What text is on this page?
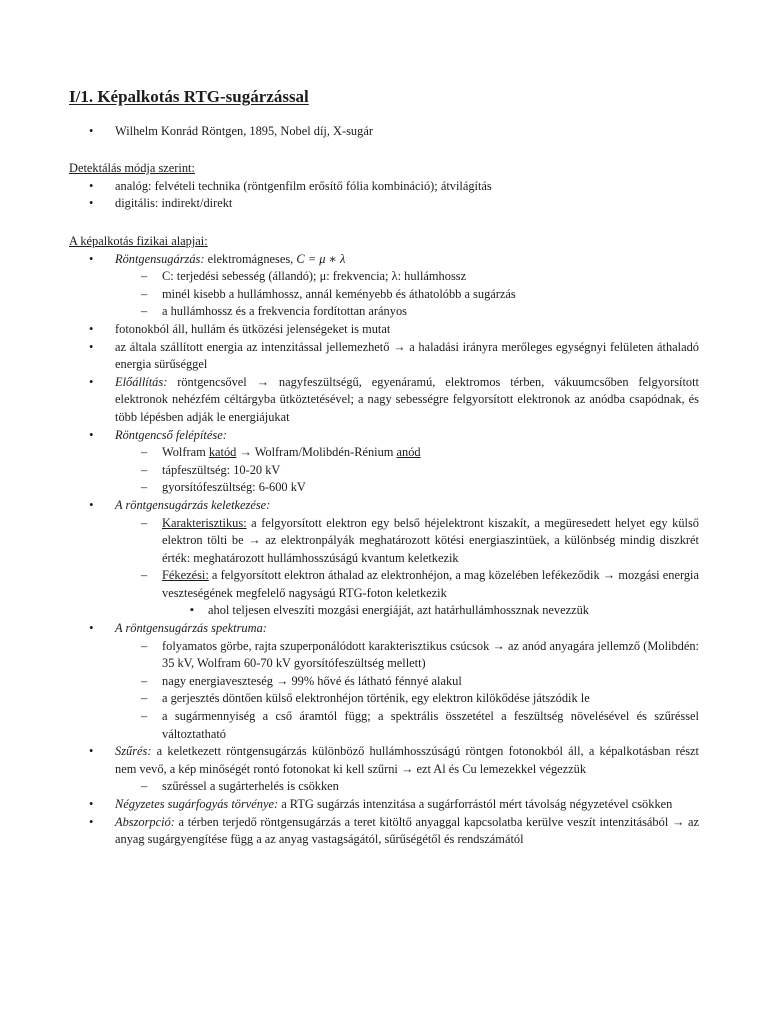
I/1. Képalkotás RTG-sugárzással
• Wilhelm Konrád Röntgen, 1895, Nobel díj, X-sugár
Detektálás módja szerint:
• analóg: felvételi technika (röntgenfilm erősítő fólia kombináció); átvilágítás
• digitális: indirekt/direkt
A képalkotás fizikai alapjai:
• Röntgensugárzás: elektromágneses, C = μ ∗ λ
– C: terjedési sebesség (állandó); μ: frekvencia; λ: hullámhossz
– minél kisebb a hullámhossz, annál keményebb és áthatolóbb a sugárzás
– a hullámhossz és a frekvencia fordítottan arányos
• fotonokból áll, hullám és ütközési jelenségeket is mutat
• az általa szállított energia az intenzitással jellemezhető → a haladási irányra merőleges egységnyi felületen áthaladó energia sürűséggel
• Előállítás: röntgencsővel → nagyfeszültségű, egyenáramú, elektromos térben, vákuumcsőben felgyorsított elektronok nehézfém céltárgyba ütköztetésével; a nagy sebességre felgyorsított elektronok az anódba csapódnak, és több lépésben adják le energiájukat
• Röntgencső felépítése:
– Wolfram katód → Wolfram/Molibdén-Rénium anód
– tápfeszültség: 10-20 kV
– gyorsítófeszültség: 6-600 kV
• A röntgensugárzás keletkezése:
– Karakterisztikus: a felgyorsított elektron egy belső héjelektront kiszakít, a megüresedett helyet egy külső elektron tölti be → az elektronpályák meghatározott kötési energiaszintüek, a különbség mindig diszkrét érték: meghatározott hullámhosszúságú kvantum keletkezik
– Fékezési: a felgyorsított elektron áthalad az elektronhéjon, a mag közelében lefékeződik → mozgási energia veszteségének megfelelő nagyságú RTG-foton keletkezik
▪ ahol teljesen elveszíti mozgási energiáját, azt határhullámhossznak nevezzük
• A röntgensugárzás spektruma:
– folyamatos görbe, rajta szuperponálódott karakterisztikus csúcsok → az anód anyagára jellemző (Molibdén: 35 kV, Wolfram 60-70 kV gyorsítófeszültség mellett)
– nagy energiaveszteség → 99% hővé és látható fénnyé alakul
– a gerjesztés döntően külső elektronhéjon történik, egy elektron kilökődése játszódik le
– a sugármennyiség a cső áramtól függ; a spektrális összetétel a feszültség növelésével és szűréssel változtatható
• Szűrés: a keletkezett röntgensugárzás különböző hullámhosszúságú röntgen fotonokból áll, a képalkotásban részt nem vevő, a kép minőségét rontó fotonokat ki kell szűrni → ezt Al és Cu lemezekkel végezzük
– szűréssel a sugárterhelés is csökken
• Négyzetes sugárfogyás törvénye: a RTG sugárzás intenzitása a sugárforrástól mért távolság négyzetével csökken
• Abszorpció: a térben terjedő röntgensugárzás a teret kitöltő anyaggal kapcsolatba kerülve veszít intenzitásából → az anyag sugárgyengítése függ a az anyag vastagságától, sűrűségétől és rendszámától
